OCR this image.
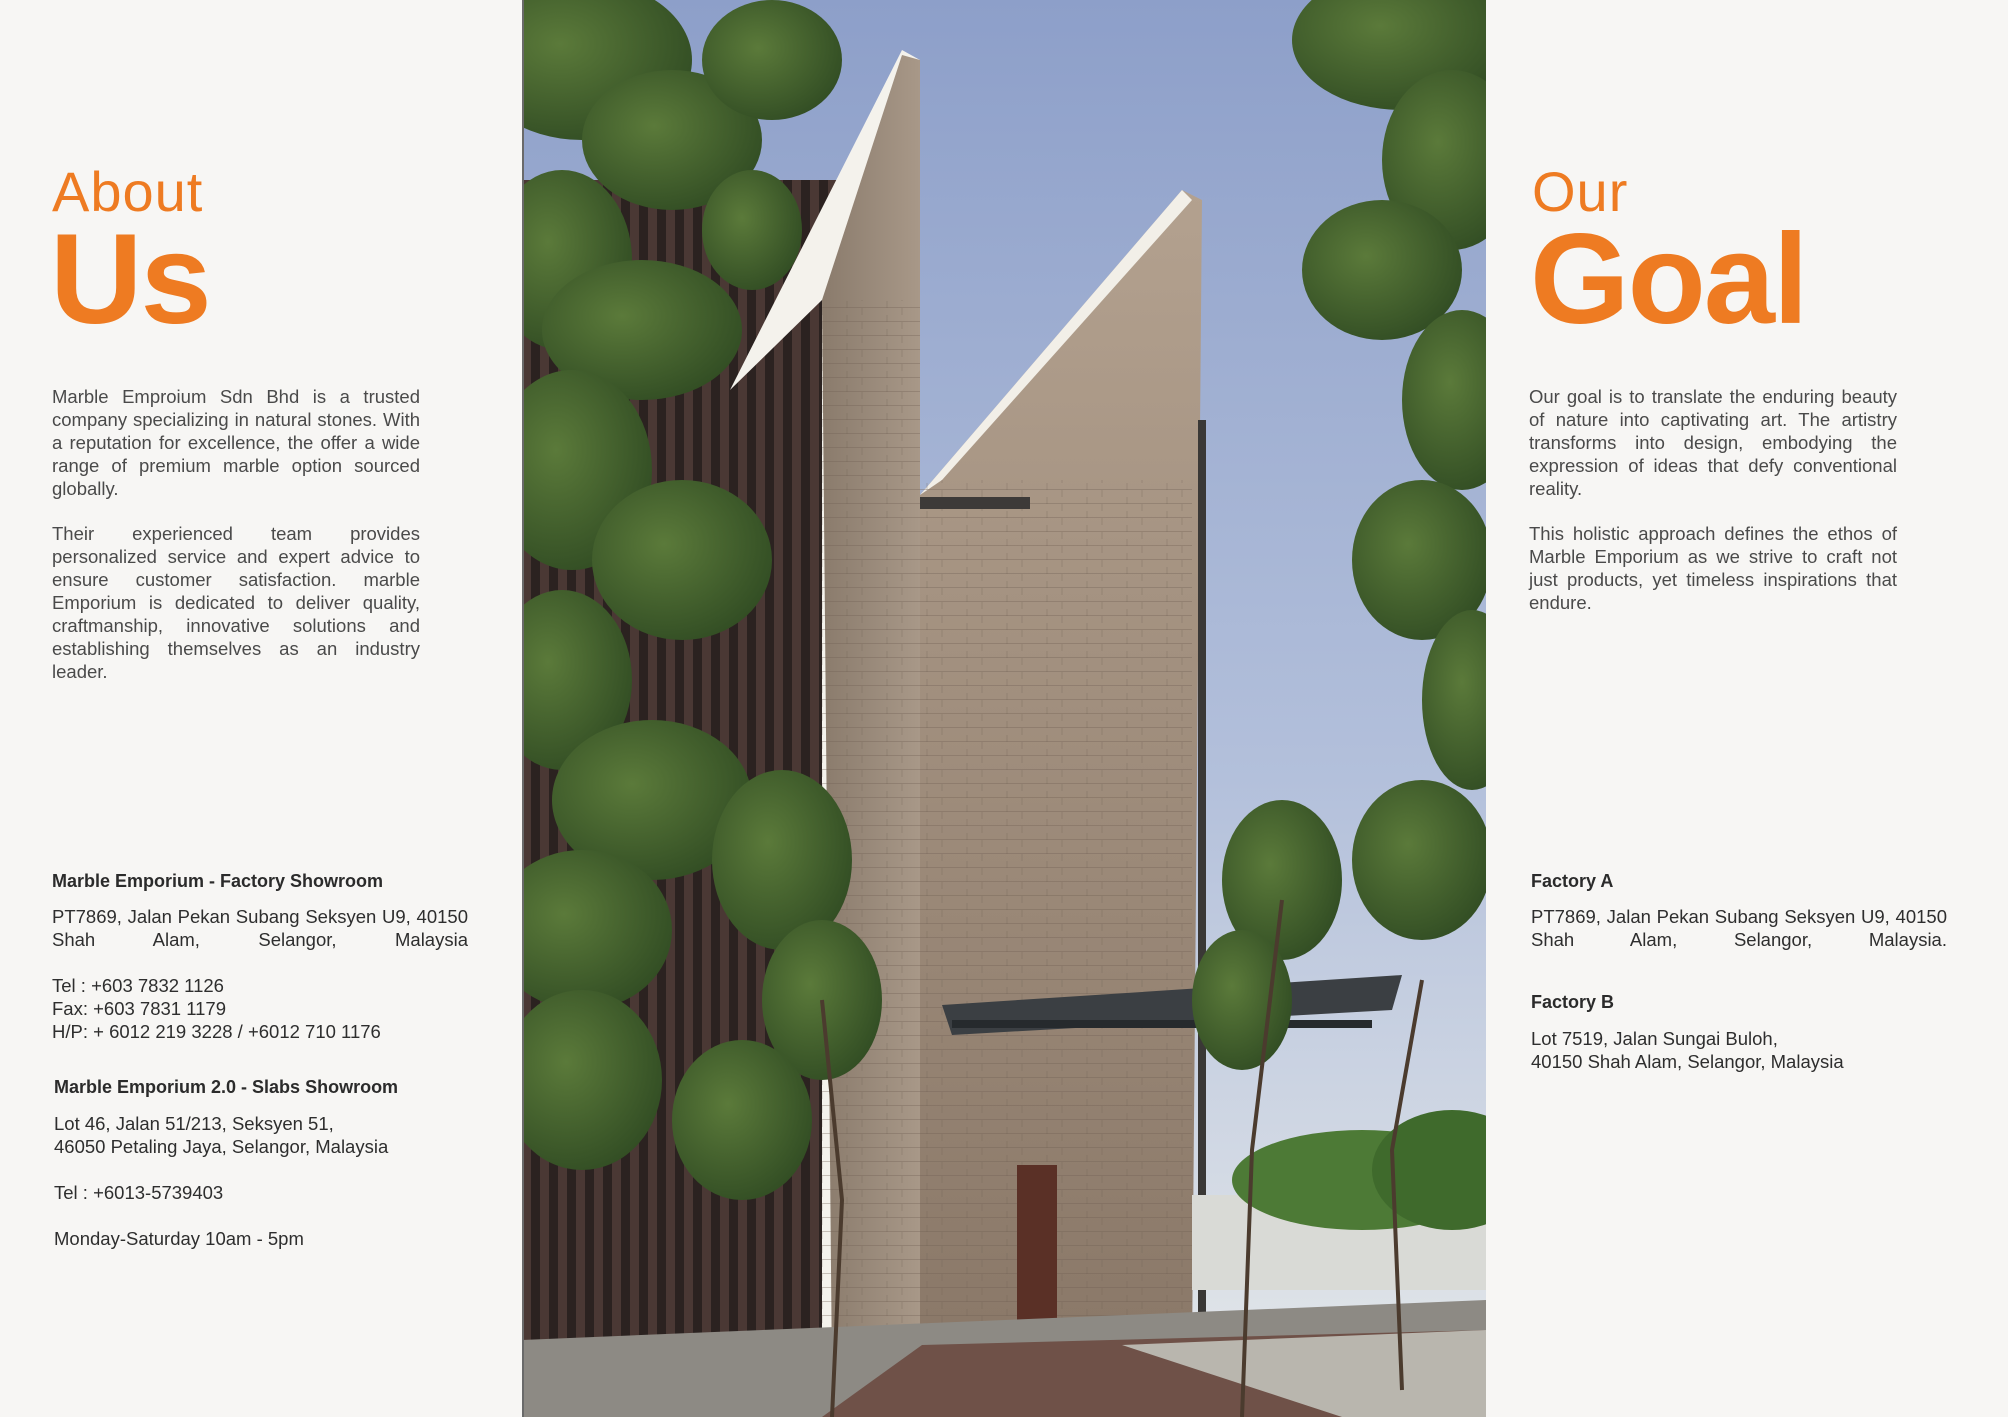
About
Us

Marble Emproium Sdn Bhd is a trusted company specializing in natural stones. With a reputation for excellence, the offer a wide range of premium marble option sourced globally.

Their experienced team provides personalized service and expert advice to ensure customer satisfaction. marble Emporium is dedicated to deliver quality, craftmanship, innovative solutions and establishing themselves as an industry leader.

Marble Emporium - Factory Showroom

PT7869, Jalan Pekan Subang Seksyen U9, 40150 Shah Alam, Selangor, Malaysia

Tel : +603 7832 1126
Fax: +603 7831 1179
H/P: + 6012 219 3228 / +6012 710 1176
Marble Emporium 2.0 - Slabs Showroom
Lot 46, Jalan 51/213, Seksyen 51,
46050 Petaling Jaya, Selangor, Malaysia
Tel : +6013-5739403
Monday-Saturday 10am - 5pm
Our
Goal

Our goal is to translate the enduring beauty of nature into captivating art. The artistry transforms into design, embodying the expression of ideas that defy conventional reality.

This holistic approach defines the ethos of Marble Emporium as we strive to craft not just products, yet timeless inspirations that endure.

Factory A

PT7869, Jalan Pekan Subang Seksyen U9, 40150 Shah Alam, Selangor, Malaysia.

Factory B
Lot 7519, Jalan Sungai Buloh,
40150 Shah Alam, Selangor, Malaysia
